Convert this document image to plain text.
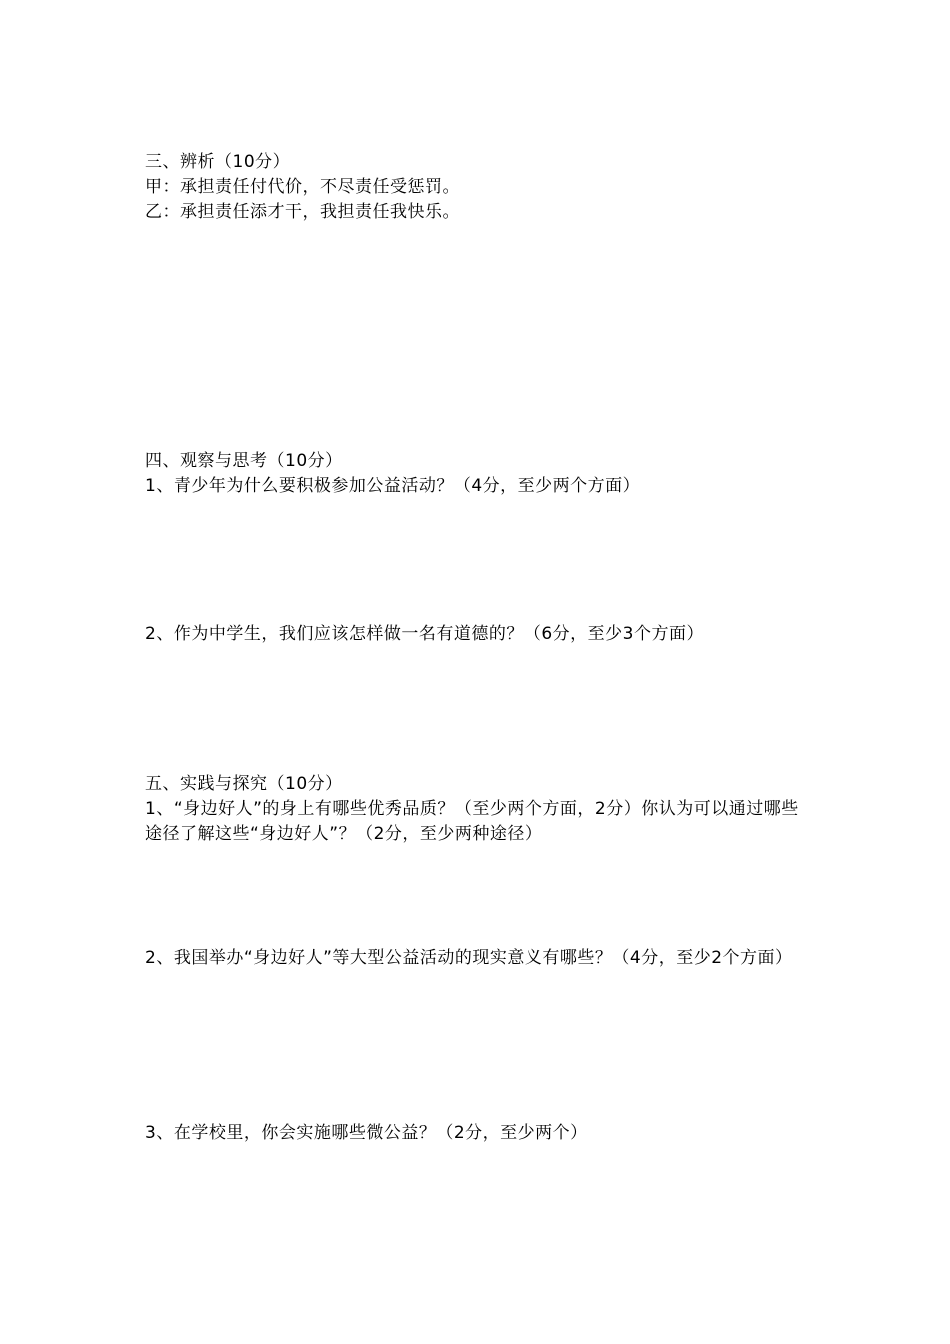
三、辨析（10分）
甲：承担责任付代价，不尽责任受惩罚。
乙：承担责任添才干，我担责任我快乐。
四、观察与思考（10分）
1、青少年为什么要积极参加公益活动？（4分，至少两个方面）
2、作为中学生，我们应该怎样做一名有道德的？（6分，至少3个方面）
五、实践与探究（10分）
1、“身边好人”的身上有哪些优秀品质？（至少两个方面，2分）你认为可以通过哪些途径了解这些“身边好人”？（2分，至少两种途径）
2、我国举办“身边好人”等大型公益活动的现实意义有哪些？（4分，至少2个方面）
3、在学校里，你会实施哪些微公益？（2分，至少两个）
